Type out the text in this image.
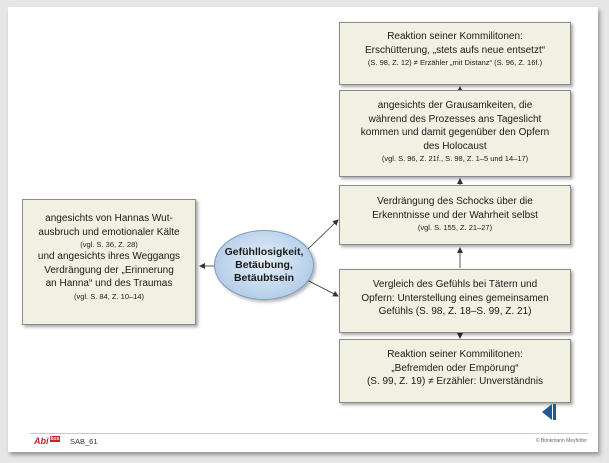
angesichts von Hannas Wut-
ausbruch und emotionaler Kälte
(vgl. S. 36, Z. 28)
und angesichts ihres Weggangs
Verdrängung der „Erinnerung
an Hanna“ und des Traumas
(vgl. S. 84, Z. 10–14)
Reaktion seiner Kommilitonen:
Erschütterung, „stets aufs neue entsetzt“
(S. 98, Z. 12) ≠ Erzähler „mit Distanz“ (S. 96, Z. 16f.)
angesichts der Grausamkeiten, die
während des Prozesses ans Tageslicht
kommen und damit gegenüber den Opfern
des Holocaust
(vgl. S. 96, Z. 21f., S. 98, Z. 1–5 und 14–17)
Verdrängung des Schocks über die
Erkenntnisse und der Wahrheit selbst
(vgl. S. 155, Z. 21–27)
Vergleich des Gefühls bei Tätern und
Opfern: Unterstellung eines gemeinsamen
Gefühls (S. 98, Z. 18–S. 99, Z. 21)
Reaktion seiner Kommilitonen:
„Befremden oder Empörung“
(S. 99, Z. 19) ≠ Erzähler: Unverständnis
Gefühllosigkeit,
Betäubung,
Betäubtsein
Abi box SAB_61	© Brinkmann Meyhöfer
